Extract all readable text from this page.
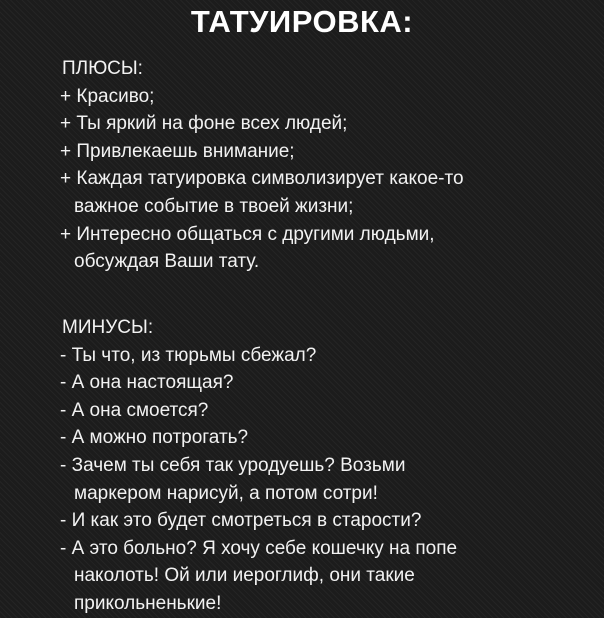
ТАТУИРОВКА:
ПЛЮСЫ:
+ Красиво;
+ Ты яркий на фоне всех людей;
+ Привлекаешь внимание;
+ Каждая татуировка символизирует какое-то
важное событие в твоей жизни;
+ Интересно общаться с другими людьми,
обсуждая Ваши тату.
МИНУСЫ:
- Ты что, из тюрьмы сбежал?
- А она настоящая?
- А она смоется?
- А можно потрогать?
- Зачем ты себя так уродуешь? Возьми
маркером нарисуй, а потом сотри!
- И как это будет смотреться в старости?
- А это больно? Я хочу себе кошечку на попе
наколоть! Ой или иероглиф, они такие
прикольненькие!
